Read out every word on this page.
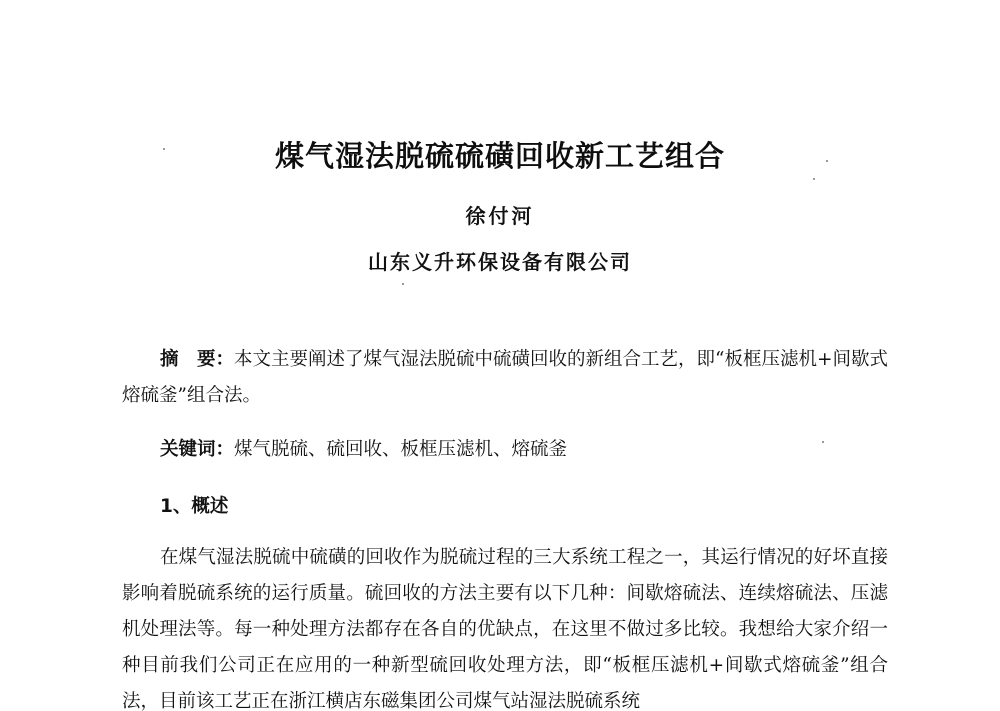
煤气湿法脱硫硫磺回收新工艺组合
徐付河
山东义升环保设备有限公司
摘　要：本文主要阐述了煤气湿法脱硫中硫磺回收的新组合工艺，即“板框压滤机+间歇式熔硫釜”组合法。
关键词：煤气脱硫、硫回收、板框压滤机、熔硫釜
1、概述
在煤气湿法脱硫中硫磺的回收作为脱硫过程的三大系统工程之一，其运行情况的好坏直接影响着脱硫系统的运行质量。硫回收的方法主要有以下几种：间歇熔硫法、连续熔硫法、压滤机处理法等。每一种处理方法都存在各自的优缺点，在这里不做过多比较。我想给大家介绍一种目前我们公司正在应用的一种新型硫回收处理方法，即“板框压滤机+间歇式熔硫釜”组合法，目前该工艺正在浙江横店东磁集团公司煤气站湿法脱硫系统
